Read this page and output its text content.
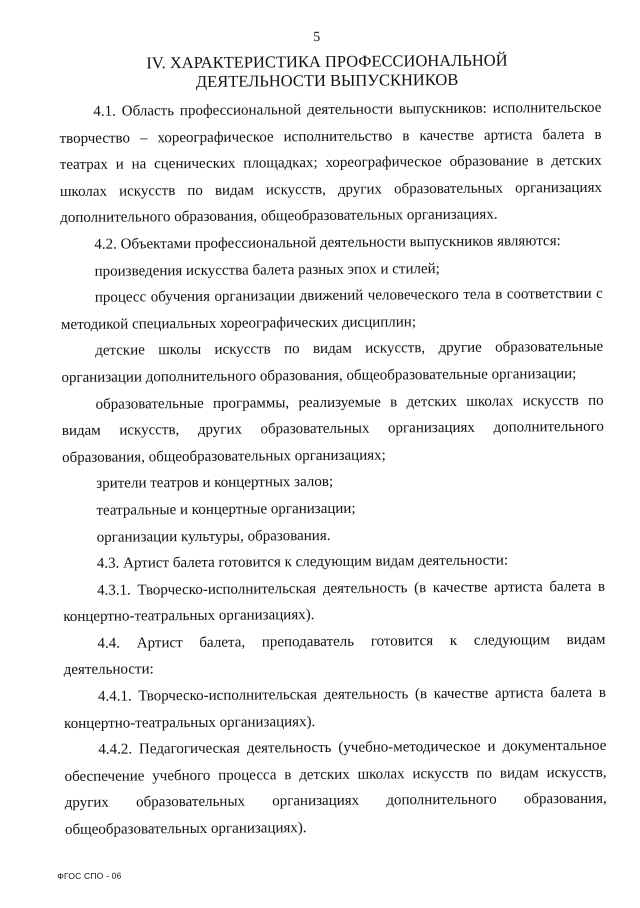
5
IV. ХАРАКТЕРИСТИКА ПРОФЕССИОНАЛЬНОЙ
ДЕЯТЕЛЬНОСТИ ВЫПУСКНИКОВ

4.1. Область профессиональной деятельности выпускников: исполнительское творчество – хореографическое исполнительство в качестве артиста балета в театрах и на сценических площадках; хореографическое образование в детских школах искусств по видам искусств, других образовательных организациях дополнительного образования, общеобразовательных организациях.

4.2. Объектами профессиональной деятельности выпускников являются:

произведения искусства балета разных эпох и стилей;

процесс обучения организации движений человеческого тела в соответствии с методикой специальных хореографических дисциплин;

детские школы искусств по видам искусств, другие образовательные организации дополнительного образования, общеобразовательные организации;

образовательные программы, реализуемые в детских школах искусств по видам искусств, других образовательных организациях дополнительного образования, общеобразовательных организациях;

зрители театров и концертных залов;

театральные и концертные организации;

организации культуры, образования.

4.3. Артист балета готовится к следующим видам деятельности:

4.3.1. Творческо-исполнительская деятельность (в качестве артиста балета в концертно-театральных организациях).

4.4. Артист балета, преподаватель готовится к следующим видам деятельности:

4.4.1. Творческо-исполнительская деятельность (в качестве артиста балета в концертно-театральных организациях).

4.4.2. Педагогическая деятельность (учебно-методическое и документальное обеспечение учебного процесса в детских школах искусств по видам искусств, других образовательных организациях дополнительного образования, общеобразовательных организациях).

ФГОС СПО - 06
